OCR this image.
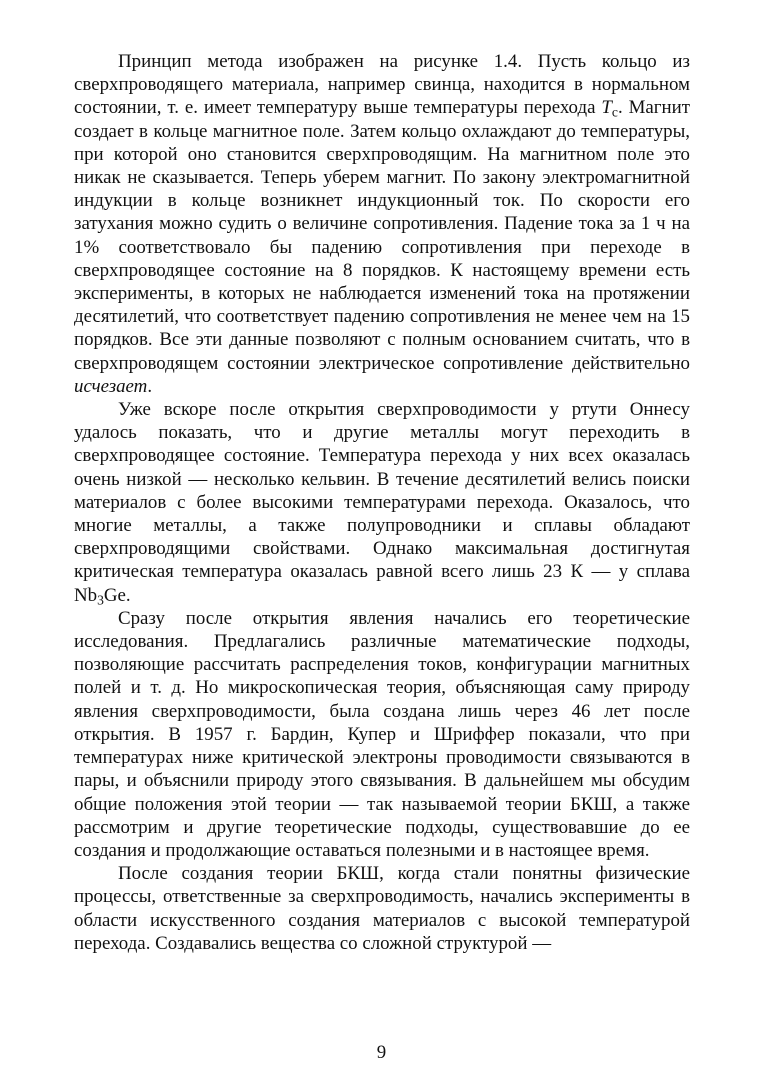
Принцип метода изображен на рисунке 1.4. Пусть кольцо из сверхпроводящего материала, например свинца, находится в нормальном состоянии, т. е. имеет температуру выше температуры перехода $T_c$. Магнит создает в кольце магнитное поле. Затем кольцо охлаждают до температуры, при которой оно становится сверхпроводящим. На магнитном поле это никак не сказывается. Теперь уберем магнит. По закону электромагнитной индукции в кольце возникнет индукционный ток. По скорости его затухания можно судить о величине сопротивления. Падение тока за 1 ч на 1% соответствовало бы падению сопротивления при переходе в сверхпроводящее состояние на 8 порядков. К настоящему времени есть эксперименты, в которых не наблюдается изменений тока на протяжении десятилетий, что соответствует падению сопротивления не менее чем на 15 порядков. Все эти данные позволяют с полным основанием считать, что в сверхпроводящем состоянии электрическое сопротивление действительно исчезает.

Уже вскоре после открытия сверхпроводимости у ртути Оннесу удалось показать, что и другие металлы могут переходить в сверхпроводящее состояние. Температура перехода у них всех оказалась очень низкой — несколько кельвин. В течение десятилетий велись поиски материалов с более высокими температурами перехода. Оказалось, что многие металлы, а также полупроводники и сплавы обладают сверхпроводящими свойствами. Однако максимальная достигнутая критическая температура оказалась равной всего лишь 23 К — у сплава $Nb_3Ge$.

Сразу после открытия явления начались его теоретические исследования. Предлагались различные математические подходы, позволяющие рассчитать распределения токов, конфигурации магнитных полей и т. д. Но микроскопическая теория, объясняющая саму природу явления сверхпроводимости, была создана лишь через 46 лет после открытия. В 1957 г. Бардин, Купер и Шриффер показали, что при температурах ниже критической электроны проводимости связываются в пары, и объяснили природу этого связывания. В дальнейшем мы обсудим общие положения этой теории — так называемой теории БКШ, а также рассмотрим и другие теоретические подходы, существовавшие до ее создания и продолжающие оставаться полезными и в настоящее время.

После создания теории БКШ, когда стали понятны физические процессы, ответственные за сверхпроводимость, начались эксперименты в области искусственного создания материалов с высокой температурой перехода. Создавались вещества со сложной структурой —

9
